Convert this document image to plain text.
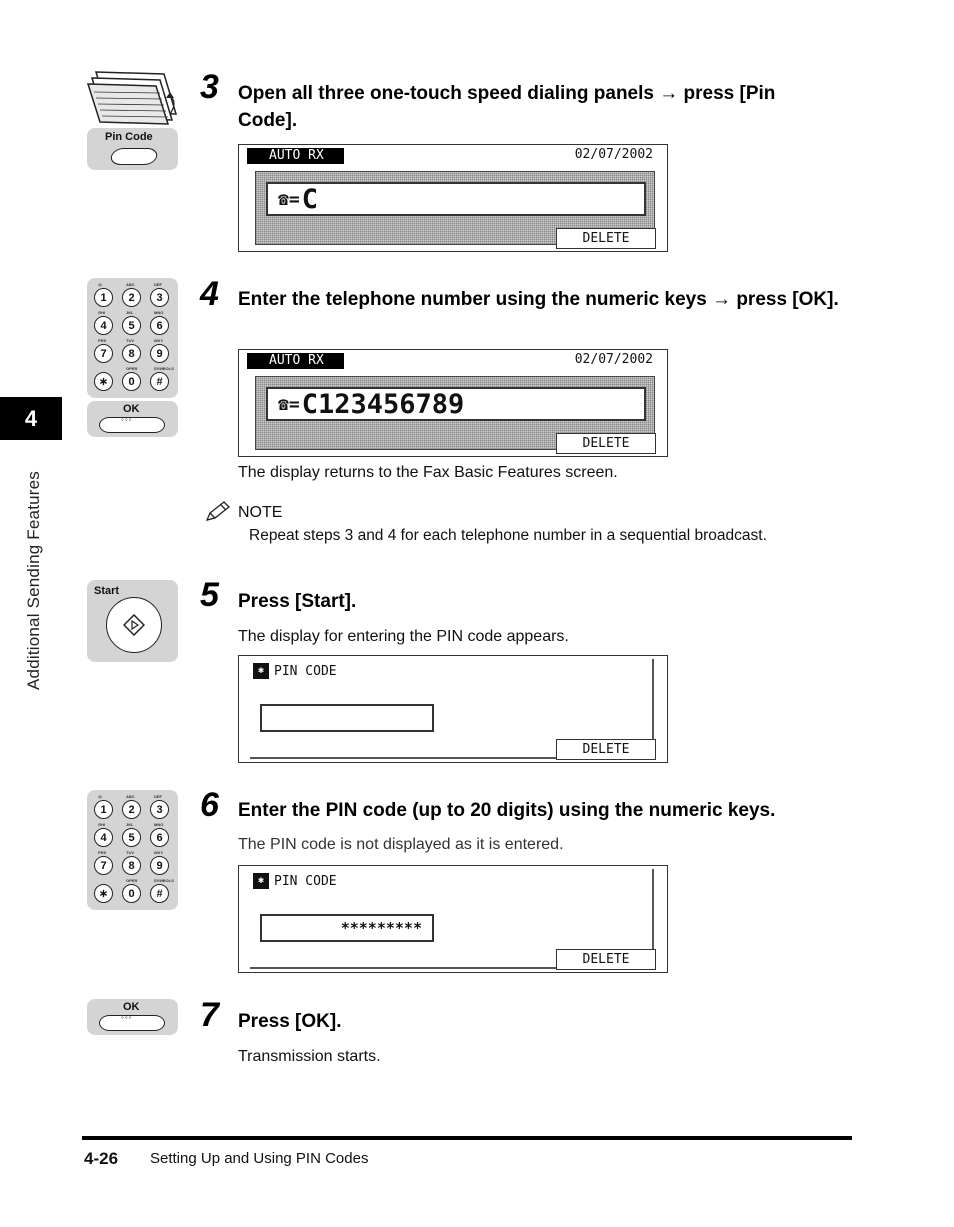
4
Additional Sending Features
Pin Code
3 Open all three one-touch speed dialing panels → press [Pin Code].
AUTO RX	02/07/2002
☎= C
DELETE
@.
1
ABC
2
DEF
3
GHI
4
JKL
5
MNO
6
PRS
7
TUV
8
WXY
9
∗
OPER
0
SYMBOLS
#
OK
◦◦◦
4 Enter the telephone number using the numeric keys → press [OK].
AUTO RX	02/07/2002
☎= C123456789
DELETE
The display returns to the Fax Basic Features screen.
NOTE
Repeat steps 3 and 4 for each telephone number in a sequential broadcast.
Start 5 Press [Start].
The display for entering the PIN code appears.
✱ PIN CODE
DELETE
@.
1
ABC
2
DEF
3
GHI
4
JKL
5
MNO
6
PRS
7
TUV
8
WXY
9
∗
OPER
0
SYMBOLS
#
6 Enter the PIN code (up to 20 digits) using the numeric keys.
The PIN code is not displayed as it is entered.
✱ PIN CODE
*********
DELETE
OK
◦◦◦ 7 Press [OK].
Transmission starts.
4-26 Setting Up and Using PIN Codes
